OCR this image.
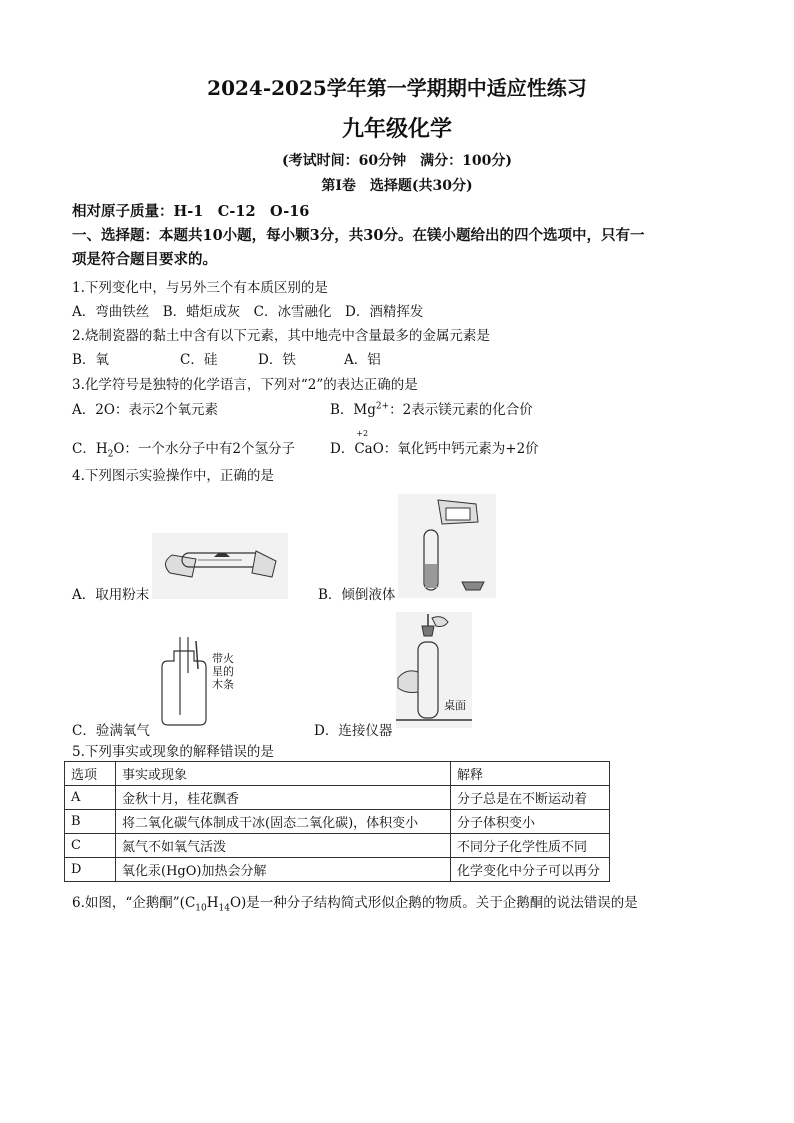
2024-2025学年第一学期期中适应性练习
九年级化学
(考试时间：60分钟　满分：100分)
第Ⅰ卷　选择题(共30分)
相对原子质量：H-1　C-12　O-16
一、选择题：本题共10小题，每小颗3分，共30分。在镁小题给出的四个选项中，只有一
项是符合题目要求的。
1.下列变化中，与另外三个有本质区别的是
A．弯曲铁丝　B．蜡炬成灰　C．冰雪融化　D．酒精挥发
2.烧制瓷器的黏土中含有以下元素，其中地壳中含量最多的金属元素是
B．氧	C．硅	D．铁	A．铝
3.化学符号是独特的化学语言，下列对“2”的表达正确的是
A．2O：表示2个氧元素	B．$Mg^{2+}$：2表示镁元素的化合价
C．$H_2O$：一个水分子中有2个氢分子	D．
+2
CaO：氧化钙中钙元素为+2价
4.下列图示实验操作中，正确的是
A．取用粉末	B．倾倒液体
带火
星的
木条
C．验满氧气
桌面
D．连接仪器
5.下列事实或现象的解释错误的是
选项	事实或现象	解释
A	金秋十月，桂花飘香	分子总是在不断运动着
B	将二氧化碳气体制成干冰(固态二氧化碳)，体积变小	分子体积变小
C	氮气不如氧气活泼	不同分子化学性质不同
D	氧化汞(HgO)加热会分解	化学变化中分子可以再分
6.如图，“企鹅酮$”(C_{10}H_{14}O)$是一种分子结构简式形似企鹅的物质。关于企鹅酮的说法错误的是
